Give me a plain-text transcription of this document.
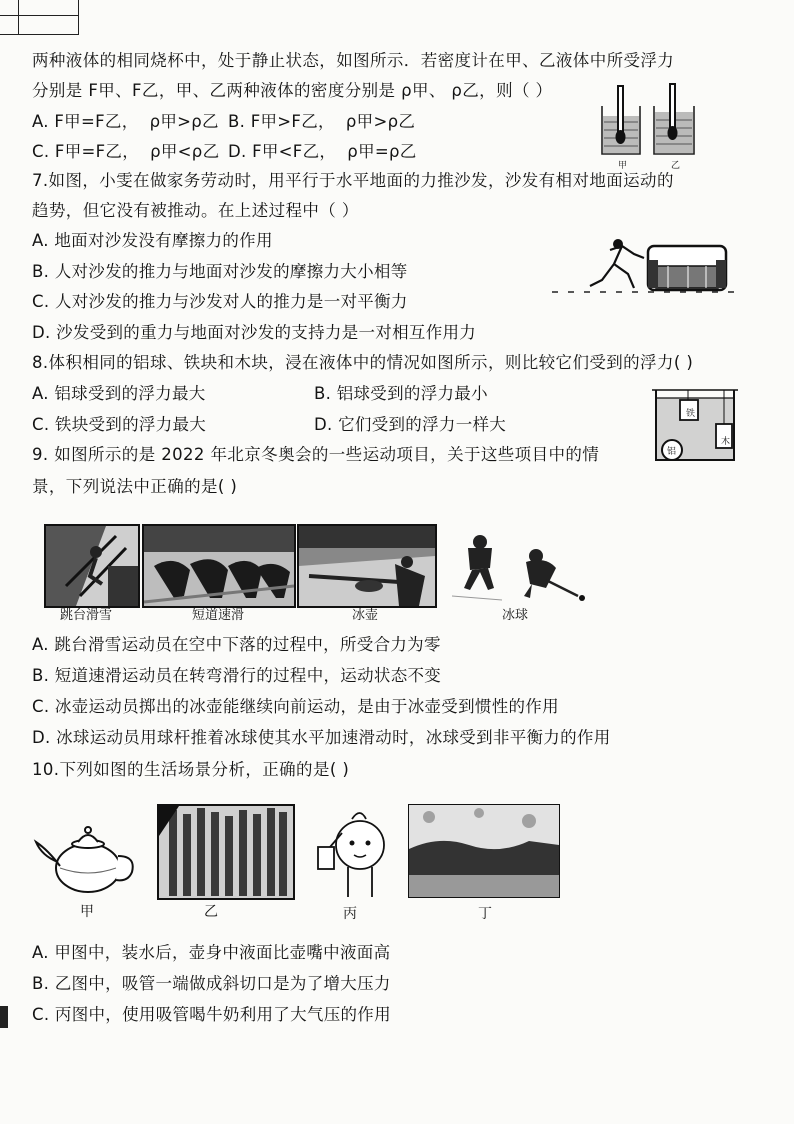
两种液体的相同烧杯中，处于静止状态，如图所示．若密度计在甲、乙液体中所受浮力
分别是 F甲、F乙，甲、乙两种液体的密度分别是 ρ甲、 ρ乙，则（ ）
A. F甲=F乙，  ρ甲>ρ乙 B. F甲>F乙，  ρ甲>ρ乙
C. F甲=F乙，  ρ甲<ρ乙 D. F甲<F乙，  ρ甲=ρ乙
甲	乙
7.如图，小雯在做家务劳动时，用平行于水平地面的力推沙发，沙发有相对地面运动的
趋势，但它没有被推动。在上述过程中（ ）
A. 地面对沙发没有摩擦力的作用
B. 人对沙发的推力与地面对沙发的摩擦力大小相等
C. 人对沙发的推力与沙发对人的推力是一对平衡力
D. 沙发受到的重力与地面对沙发的支持力是一对相互作用力
8.体积相同的铝球、铁块和木块，浸在液体中的情况如图所示，则比较它们受到的浮力( )
A. 铝球受到的浮力最大	B. 铝球受到的浮力最小
C. 铁块受到的浮力最大	D. 它们受到的浮力一样大
铁
木
铝
9. 如图所示的是 2022 年北京冬奥会的一些运动项目，关于这些项目中的情
景，下列说法中正确的是( )
跳台滑雪	短道速滑	冰壶	冰球
A. 跳台滑雪运动员在空中下落的过程中，所受合力为零
B. 短道速滑运动员在转弯滑行的过程中，运动状态不变
C. 冰壶运动员掷出的冰壶能继续向前运动，是由于冰壶受到惯性的作用
D. 冰球运动员用球杆推着冰球使其水平加速滑动时，冰球受到非平衡力的作用
10.下列如图的生活场景分析，正确的是( )
甲	乙	丙	丁
A. 甲图中，装水后，壶身中液面比壶嘴中液面高
B. 乙图中，吸管一端做成斜切口是为了增大压力
C. 丙图中，使用吸管喝牛奶利用了大气压的作用
